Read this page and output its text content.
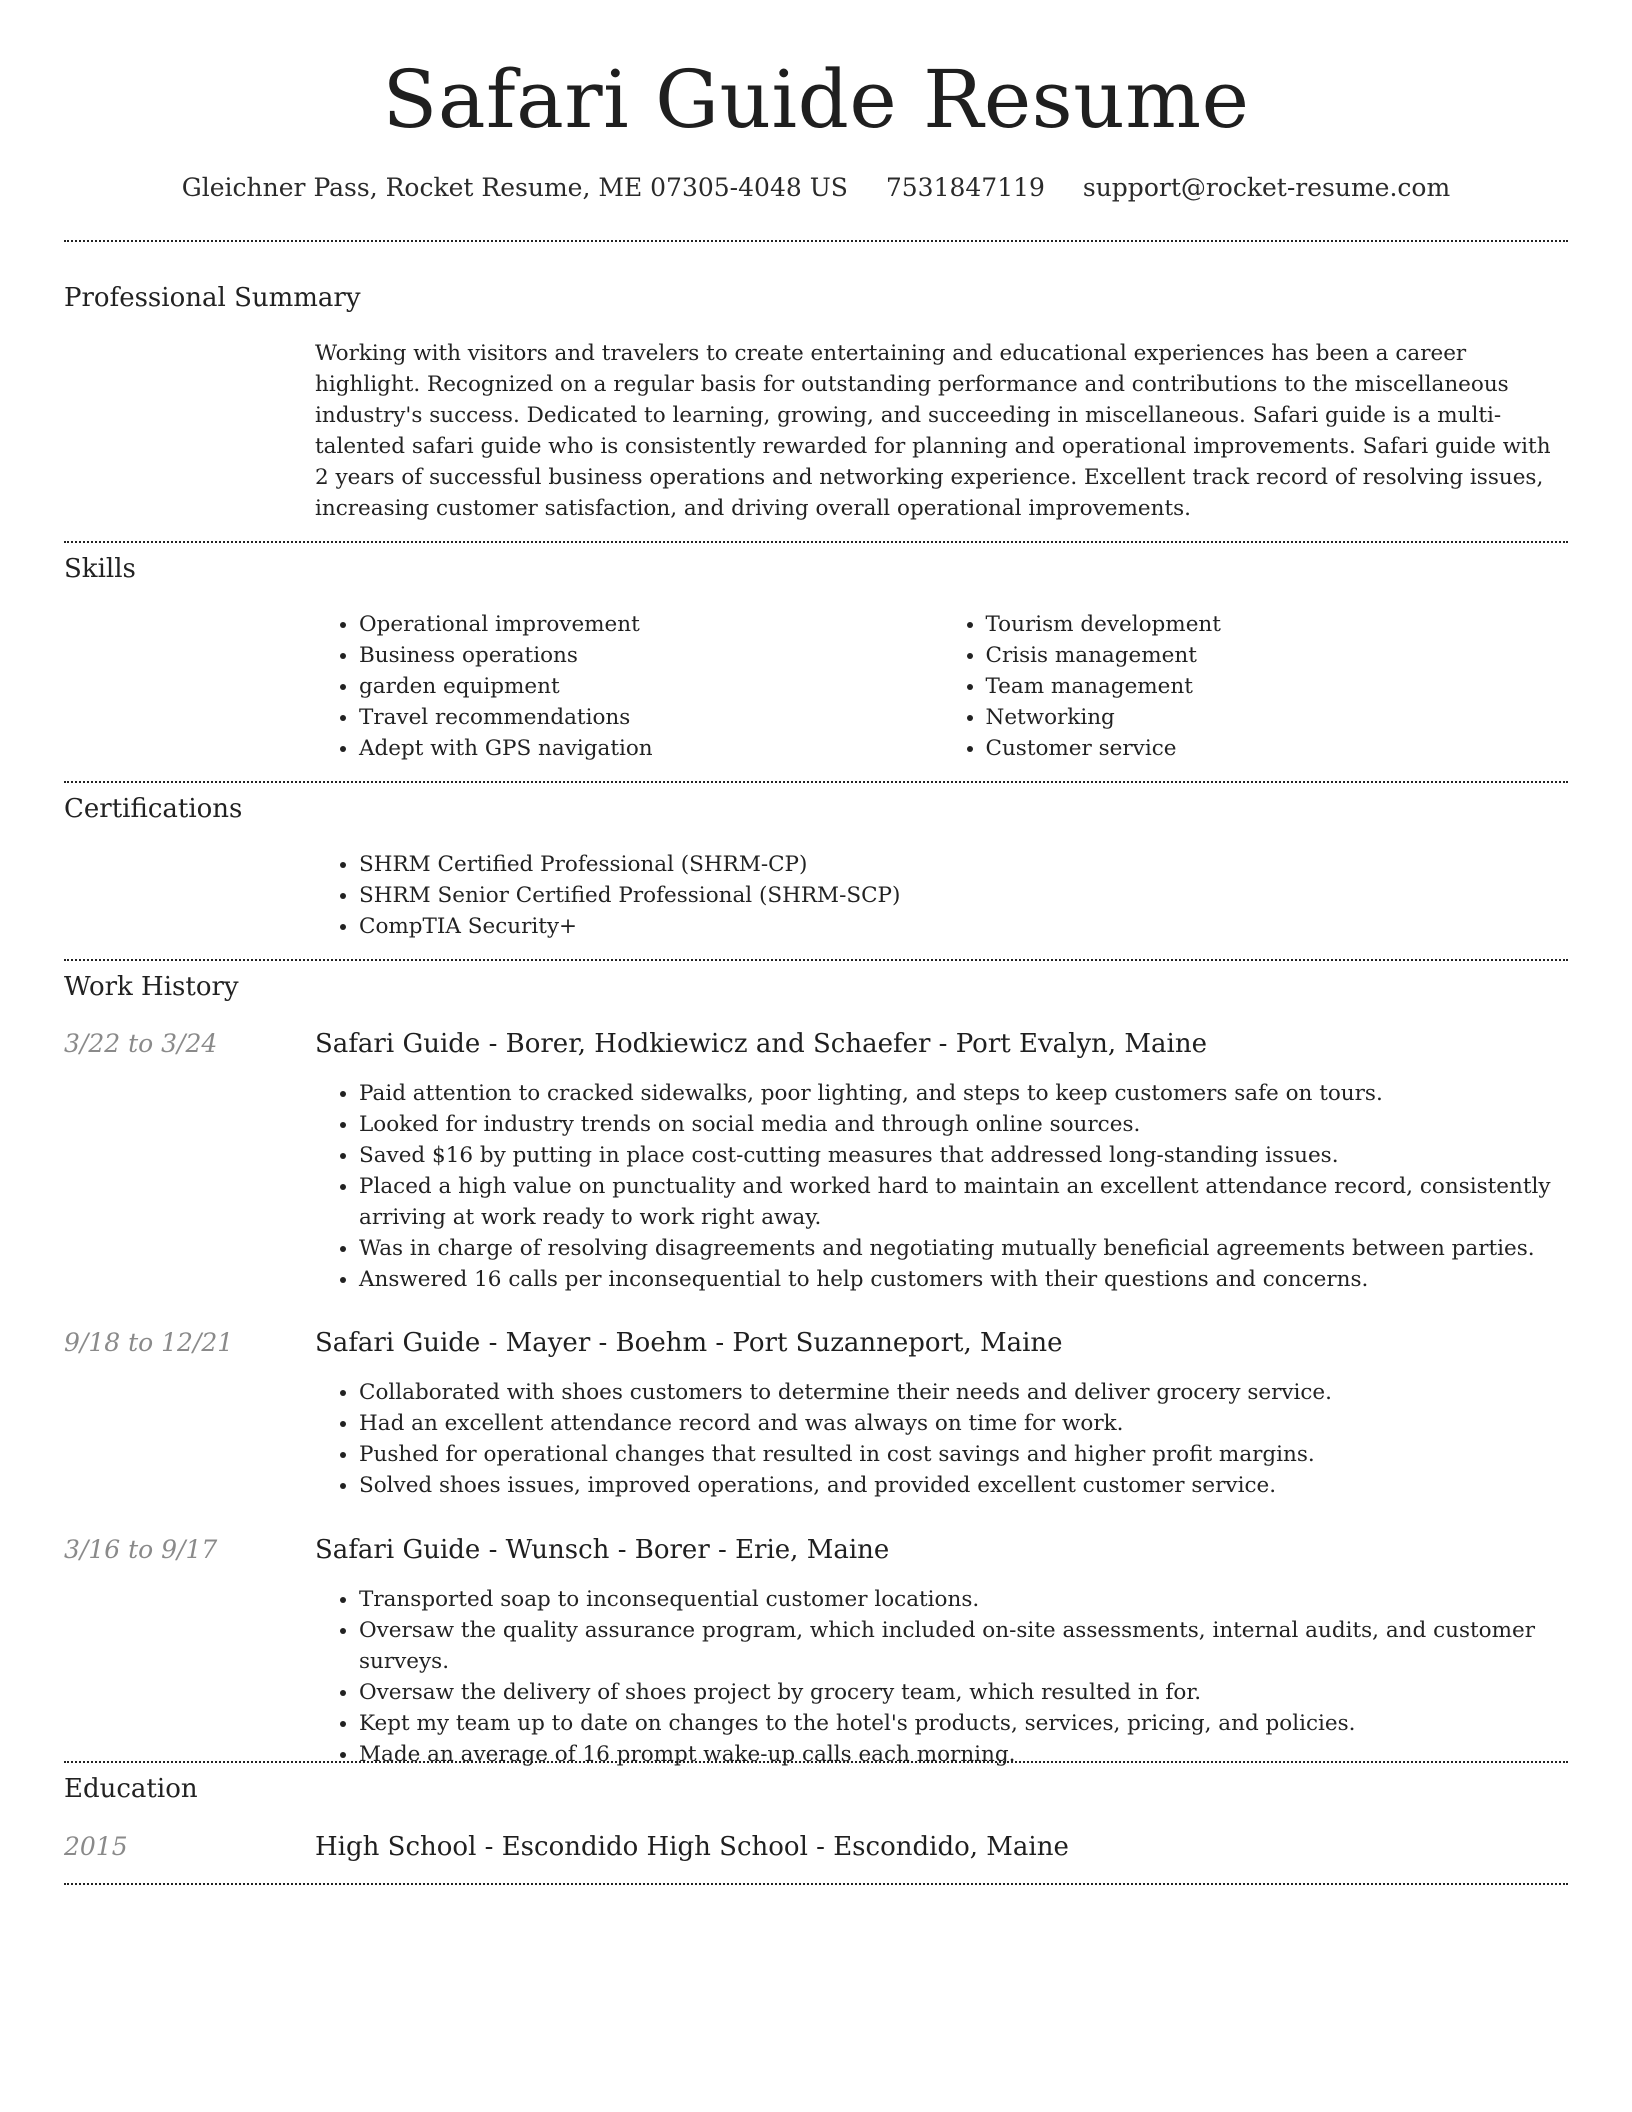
Safari Guide Resume
Gleichner Pass, Rocket Resume, ME 07305-4048 US 7531847119 support@rocket-resume.com
Professional Summary

Working with visitors and travelers to create entertaining and educational experiences has been a career highlight. Recognized on a regular basis for outstanding performance and contributions to the miscellaneous industry's success. Dedicated to learning, growing, and succeeding in miscellaneous. Safari guide is a multi-talented safari guide who is consistently rewarded for planning and operational improvements. Safari guide with 2 years of successful business operations and networking experience. Excellent track record of resolving issues, increasing customer satisfaction, and driving overall operational improvements.

Skills
• Operational improvement
• Business operations
• garden equipment
• Travel recommendations
• Adept with GPS navigation
• Tourism development
• Crisis management
• Team management
• Networking
• Customer service
Certifications
• SHRM Certified Professional (SHRM-CP)
• SHRM Senior Certified Professional (SHRM-SCP)
• CompTIA Security+
Work History
3/22 to 3/24	Safari Guide - Borer, Hodkiewicz and Schaefer - Port Evalyn, Maine
• Paid attention to cracked sidewalks, poor lighting, and steps to keep customers safe on tours.
• Looked for industry trends on social media and through online sources.
• Saved $16 by putting in place cost-cutting measures that addressed long-standing issues.
• Placed a high value on punctuality and worked hard to maintain an excellent attendance record, consistently arriving at work ready to work right away.
• Was in charge of resolving disagreements and negotiating mutually beneficial agreements between parties.
• Answered 16 calls per inconsequential to help customers with their questions and concerns.
9/18 to 12/21	Safari Guide - Mayer - Boehm - Port Suzanneport, Maine
• Collaborated with shoes customers to determine their needs and deliver grocery service.
• Had an excellent attendance record and was always on time for work.
• Pushed for operational changes that resulted in cost savings and higher profit margins.
• Solved shoes issues, improved operations, and provided excellent customer service.
3/16 to 9/17	Safari Guide - Wunsch - Borer - Erie, Maine
• Transported soap to inconsequential customer locations.
• Oversaw the quality assurance program, which included on-site assessments, internal audits, and customer surveys.
• Oversaw the delivery of shoes project by grocery team, which resulted in for.
• Kept my team up to date on changes to the hotel's products, services, pricing, and policies.
• Made an average of 16 prompt wake-up calls each morning.
Education
2015	High School - Escondido High School - Escondido, Maine
